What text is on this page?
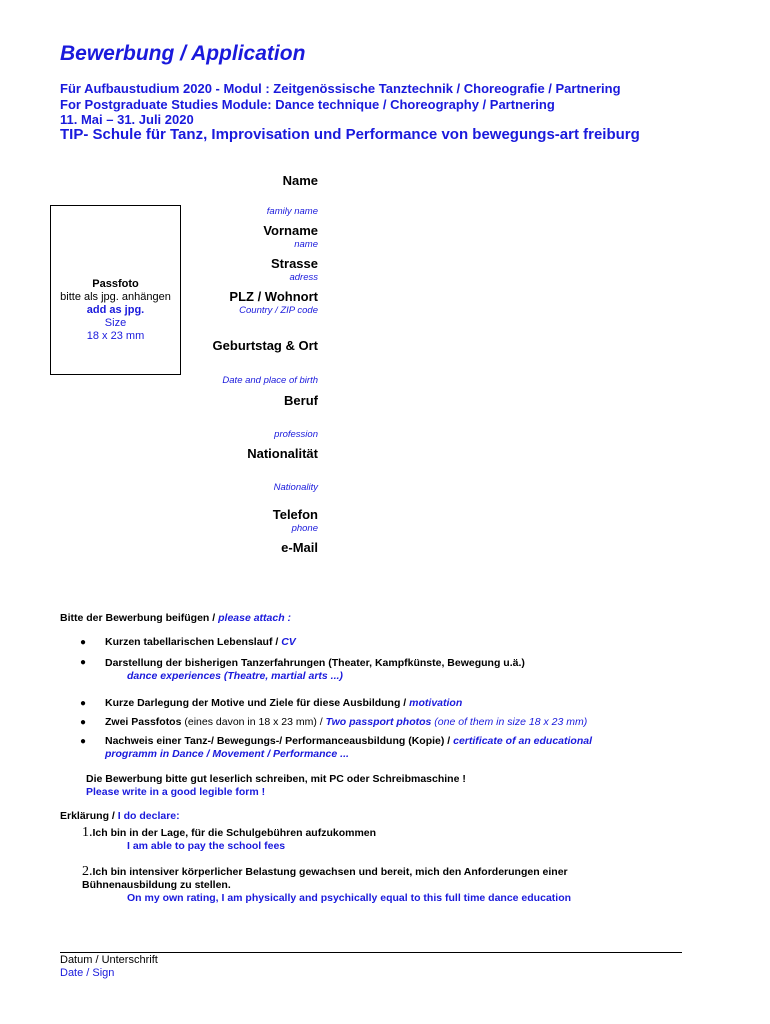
Bewerbung / Application
Für Aufbaustudium 2020 - Modul : Zeitgenössische Tanztechnik / Choreografie / Partnering
For Postgraduate Studies Module: Dance technique / Choreography / Partnering
11. Mai – 31. Juli 2020
TIP- Schule für Tanz, Improvisation und Performance von bewegungs-art freiburg
Passfoto
bitte als jpg. anhängen
add as jpg.
Size
18 x 23 mm
Name
family name
Vorname
name
Strasse
adress
PLZ / Wohnort
Country / ZIP code
Geburtstag & Ort
Date and place of birth
Beruf
profession
Nationalität
Nationality
Telefon
phone
e-Mail
Bitte der Bewerbung beifügen / please attach :
● Kurzen tabellarischen Lebenslauf / CV
● Darstellung der bisherigen Tanzerfahrungen (Theater, Kampfkünste, Bewegung u.ä.)
dance experiences (Theatre, martial arts ...)
● Kurze Darlegung der Motive und Ziele für diese Ausbildung / motivation
● Zwei Passfotos (eines davon in 18 x 23 mm) / Two passport photos (one of them in size 18 x 23 mm)
● Nachweis einer Tanz-/ Bewegungs-/ Performanceausbildung (Kopie) / certificate of an educational
programm in Dance / Movement / Performance ...
Die Bewerbung bitte gut leserlich schreiben, mit PC oder Schreibmaschine !
Please write in a good legible form !
Erklärung / I do declare:
1.Ich bin in der Lage, für die Schulgebühren aufzukommen
I am able to pay the school fees
2.Ich bin intensiver körperlicher Belastung gewachsen und bereit, mich den Anforderungen einer
Bühnenausbildung zu stellen.
On my own rating, I am physically and psychically equal to this full time dance education
Datum / Unterschrift
Date / Sign
